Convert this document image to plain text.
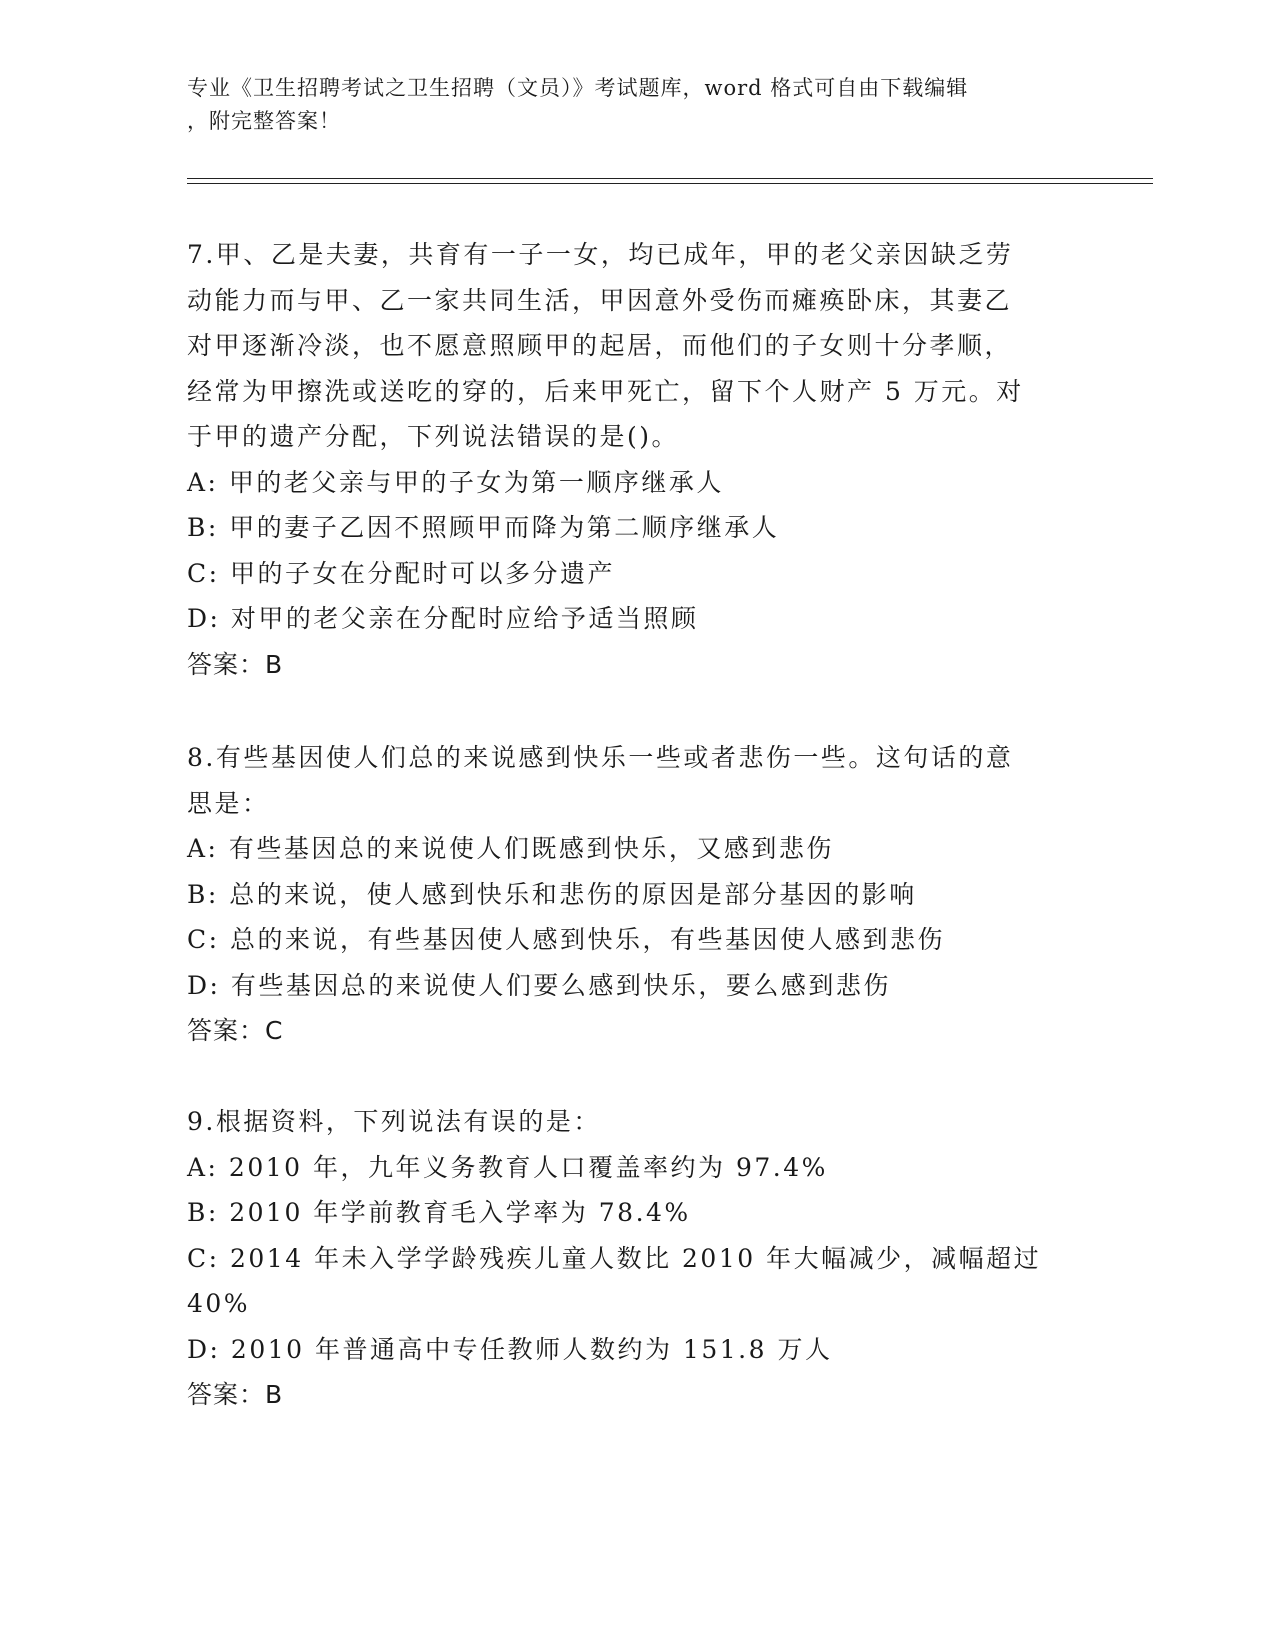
专业《卫生招聘考试之卫生招聘（文员）》考试题库，word 格式可自由下载编辑
，附完整答案！

7.甲、乙是夫妻，共育有一子一女，均已成年，甲的老父亲因缺乏劳

动能力而与甲、乙一家共同生活，甲因意外受伤而瘫痪卧床，其妻乙

对甲逐渐冷淡，也不愿意照顾甲的起居，而他们的子女则十分孝顺，

经常为甲擦洗或送吃的穿的，后来甲死亡，留下个人财产 5 万元。对

于甲的遗产分配，下列说法错误的是()。

A: 甲的老父亲与甲的子女为第一顺序继承人

B: 甲的妻子乙因不照顾甲而降为第二顺序继承人

C: 甲的子女在分配时可以多分遗产

D: 对甲的老父亲在分配时应给予适当照顾

答案：B

8.有些基因使人们总的来说感到快乐一些或者悲伤一些。这句话的意

思是：

A: 有些基因总的来说使人们既感到快乐，又感到悲伤

B: 总的来说，使人感到快乐和悲伤的原因是部分基因的影响

C: 总的来说，有些基因使人感到快乐，有些基因使人感到悲伤

D: 有些基因总的来说使人们要么感到快乐，要么感到悲伤

答案：C

9.根据资料，下列说法有误的是：

A: 2010 年，九年义务教育人口覆盖率约为 97.4%

B: 2010 年学前教育毛入学率为 78.4%

C: 2014 年未入学学龄残疾儿童人数比 2010 年大幅减少，减幅超过

40%

D: 2010 年普通高中专任教师人数约为 151.8 万人

答案：B
